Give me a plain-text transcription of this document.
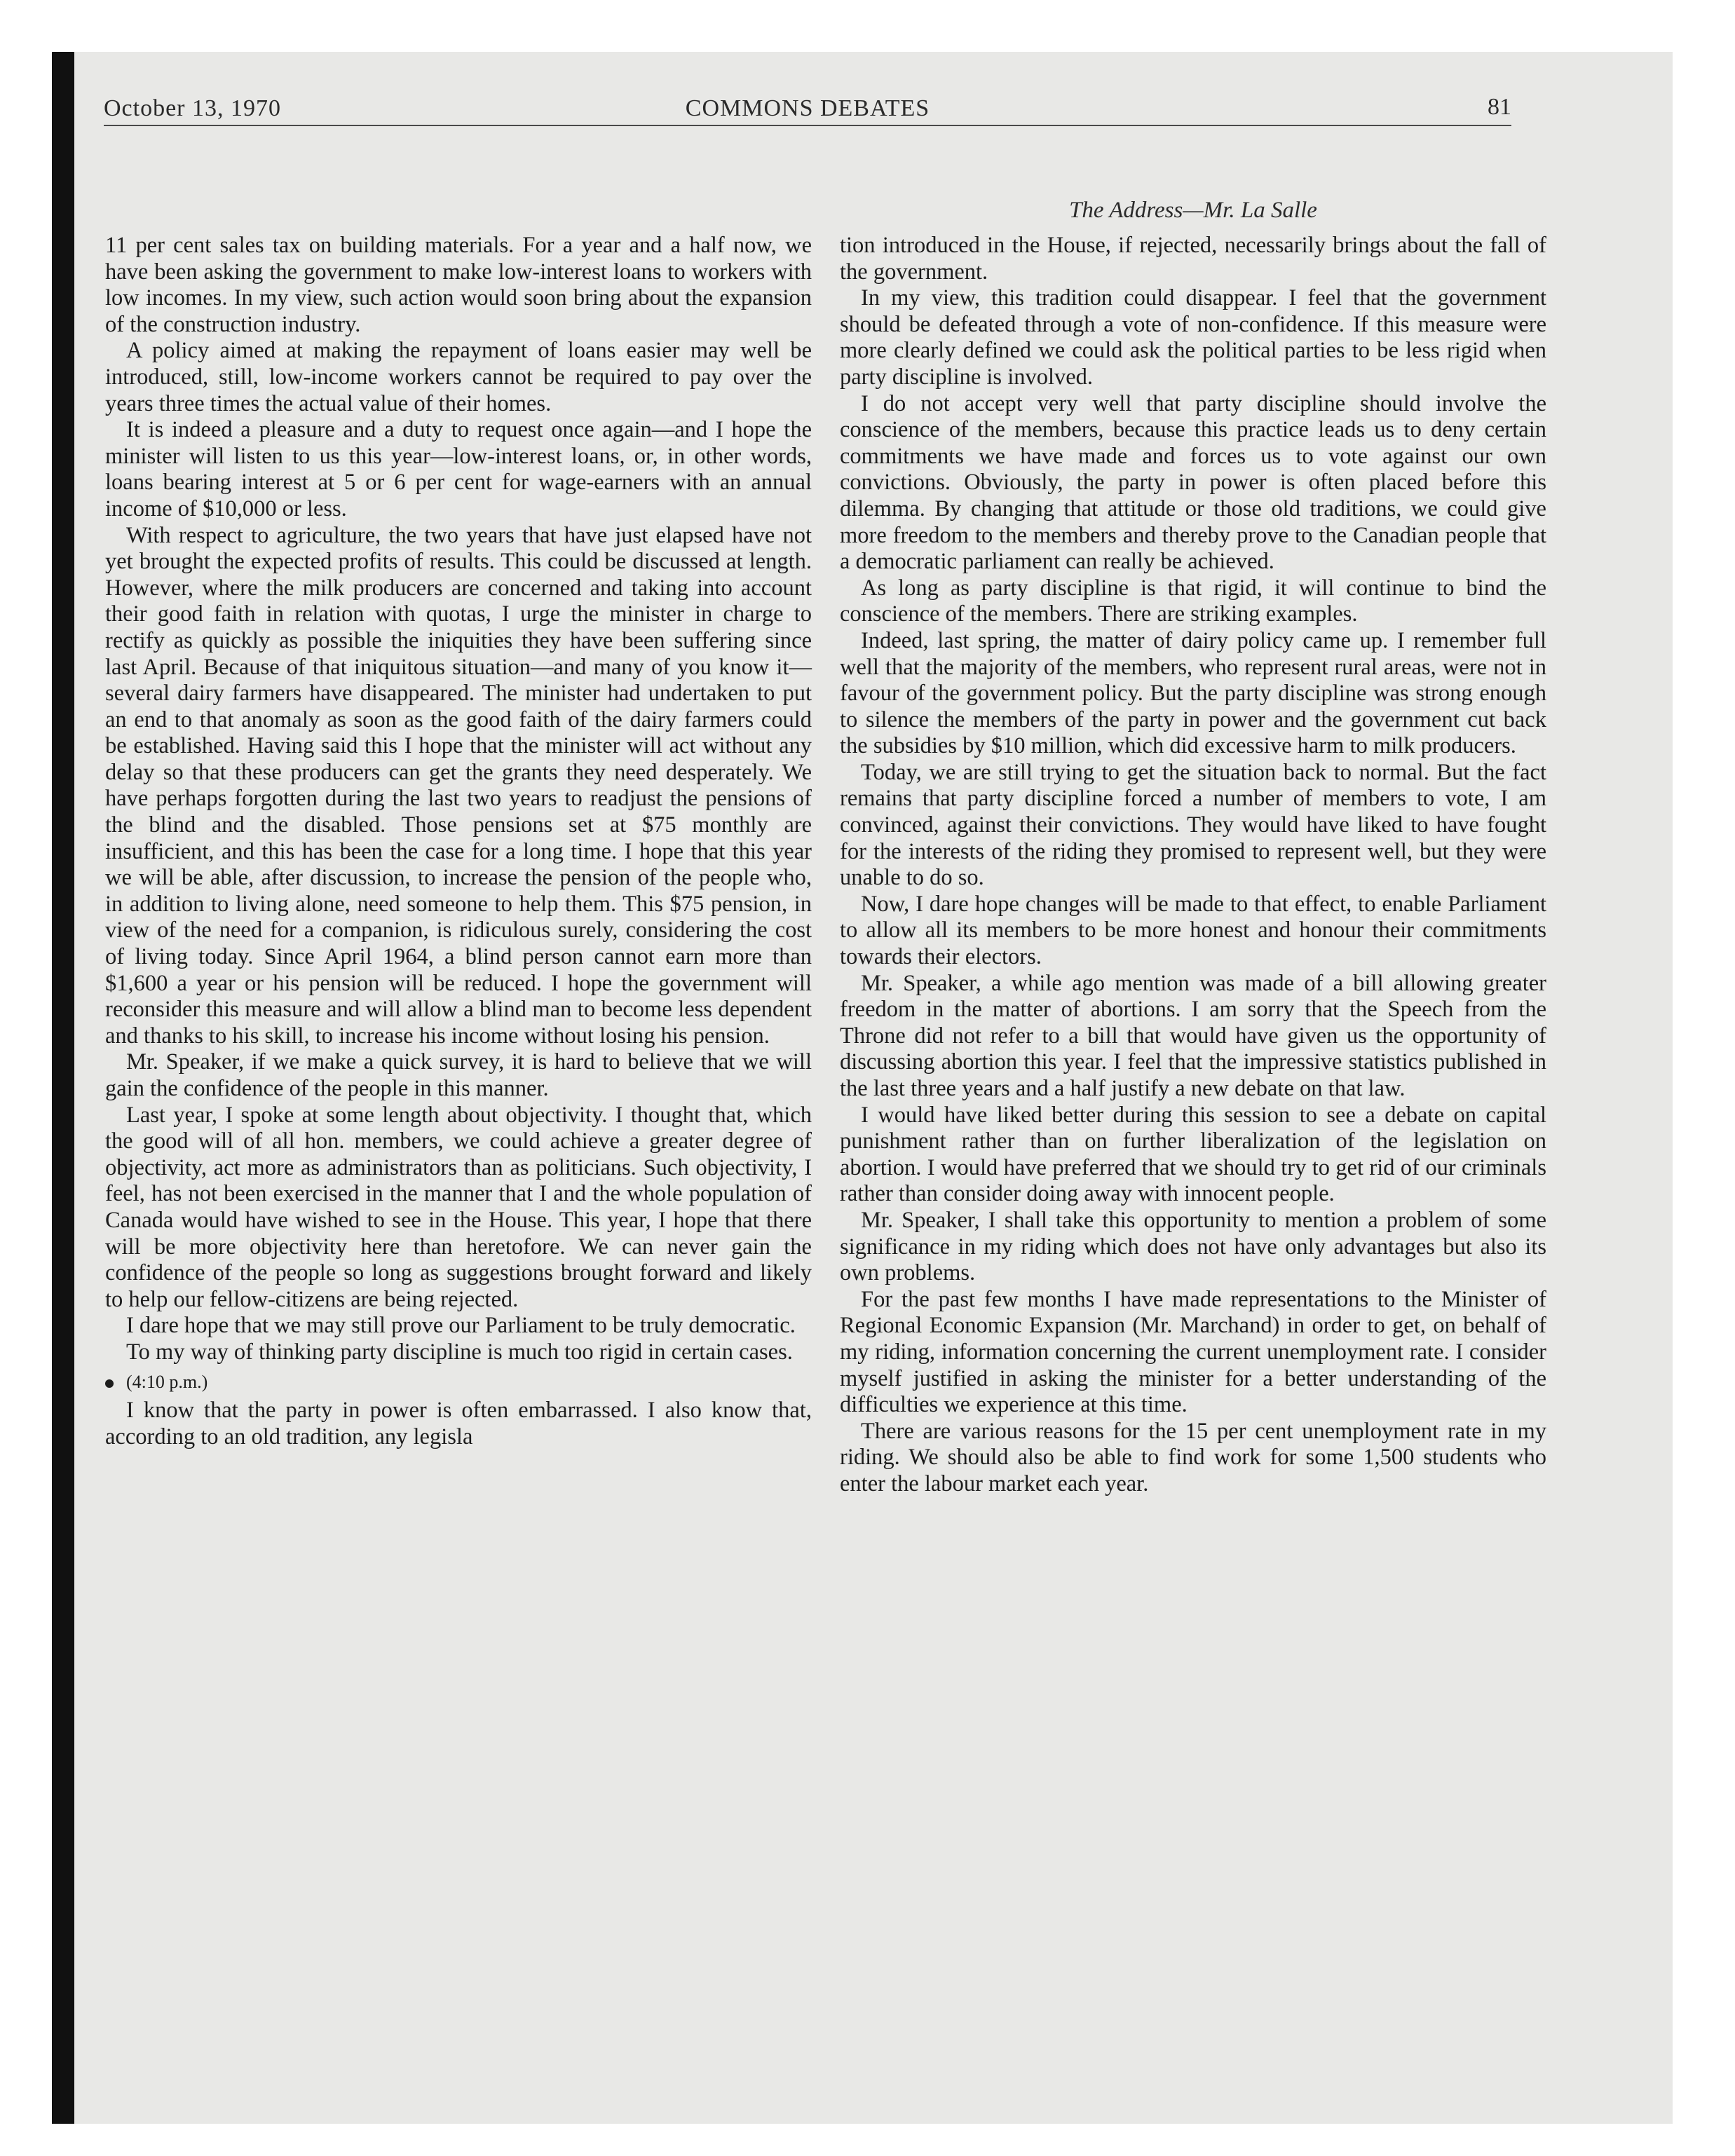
October 13, 1970	COMMONS DEBATES	81
The Address—Mr. La Salle

11 per cent sales tax on building materials. For a year and a half now, we have been asking the government to make low-interest loans to workers with low incomes. In my view, such action would soon bring about the expansion of the construction industry.

A policy aimed at making the repayment of loans easier may well be introduced, still, low-income workers cannot be required to pay over the years three times the actual value of their homes.

It is indeed a pleasure and a duty to request once again—and I hope the minister will listen to us this year—low-interest loans, or, in other words, loans bearing interest at 5 or 6 per cent for wage-earners with an annual income of $10,000 or less.

With respect to agriculture, the two years that have just elapsed have not yet brought the expected profits of results. This could be discussed at length. However, where the milk producers are concerned and taking into account their good faith in relation with quotas, I urge the minister in charge to rectify as quickly as possible the iniquities they have been suffering since last April. Because of that iniquitous situation—and many of you know it—several dairy farmers have disappeared. The minister had undertaken to put an end to that anomaly as soon as the good faith of the dairy farmers could be established. Having said this I hope that the minister will act without any delay so that these producers can get the grants they need desperately. We have perhaps forgotten during the last two years to readjust the pensions of the blind and the disabled. Those pensions set at $75 monthly are insufficient, and this has been the case for a long time. I hope that this year we will be able, after discussion, to increase the pension of the people who, in addition to living alone, need someone to help them. This $75 pension, in view of the need for a companion, is ridiculous surely, considering the cost of living today. Since April 1964, a blind person cannot earn more than $1,600 a year or his pension will be reduced. I hope the government will reconsider this measure and will allow a blind man to become less dependent and thanks to his skill, to increase his income without losing his pension.

Mr. Speaker, if we make a quick survey, it is hard to believe that we will gain the confidence of the people in this manner.

Last year, I spoke at some length about objectivity. I thought that, which the good will of all hon. members, we could achieve a greater degree of objectivity, act more as administrators than as politicians. Such objectivity, I feel, has not been exercised in the manner that I and the whole population of Canada would have wished to see in the House. This year, I hope that there will be more objectivity here than heretofore. We can never gain the confidence of the people so long as suggestions brought forward and likely to help our fellow-citizens are being rejected.

I dare hope that we may still prove our Parliament to be truly democratic.

To my way of thinking party discipline is much too rigid in certain cases.

(4:10 p.m.)

I know that the party in power is often embarrassed. I also know that, according to an old tradition, any legisla

tion introduced in the House, if rejected, necessarily brings about the fall of the government.

In my view, this tradition could disappear. I feel that the government should be defeated through a vote of non-confidence. If this measure were more clearly defined we could ask the political parties to be less rigid when party discipline is involved.

I do not accept very well that party discipline should involve the conscience of the members, because this practice leads us to deny certain commitments we have made and forces us to vote against our own convictions. Obviously, the party in power is often placed before this dilemma. By changing that attitude or those old traditions, we could give more freedom to the members and thereby prove to the Canadian people that a democratic parliament can really be achieved.

As long as party discipline is that rigid, it will continue to bind the conscience of the members. There are striking examples.

Indeed, last spring, the matter of dairy policy came up. I remember full well that the majority of the members, who represent rural areas, were not in favour of the government policy. But the party discipline was strong enough to silence the members of the party in power and the government cut back the subsidies by $10 million, which did excessive harm to milk producers.

Today, we are still trying to get the situation back to normal. But the fact remains that party discipline forced a number of members to vote, I am convinced, against their convictions. They would have liked to have fought for the interests of the riding they promised to represent well, but they were unable to do so.

Now, I dare hope changes will be made to that effect, to enable Parliament to allow all its members to be more honest and honour their commitments towards their electors.

Mr. Speaker, a while ago mention was made of a bill allowing greater freedom in the matter of abortions. I am sorry that the Speech from the Throne did not refer to a bill that would have given us the opportunity of discussing abortion this year. I feel that the impressive statistics published in the last three years and a half justify a new debate on that law.

I would have liked better during this session to see a debate on capital punishment rather than on further liberalization of the legislation on abortion. I would have preferred that we should try to get rid of our criminals rather than consider doing away with innocent people.

Mr. Speaker, I shall take this opportunity to mention a problem of some significance in my riding which does not have only advantages but also its own problems.

For the past few months I have made representations to the Minister of Regional Economic Expansion (Mr. Marchand) in order to get, on behalf of my riding, information concerning the current unemployment rate. I consider myself justified in asking the minister for a better understanding of the difficulties we experience at this time.

There are various reasons for the 15 per cent unemployment rate in my riding. We should also be able to find work for some 1,500 students who enter the labour market each year.
